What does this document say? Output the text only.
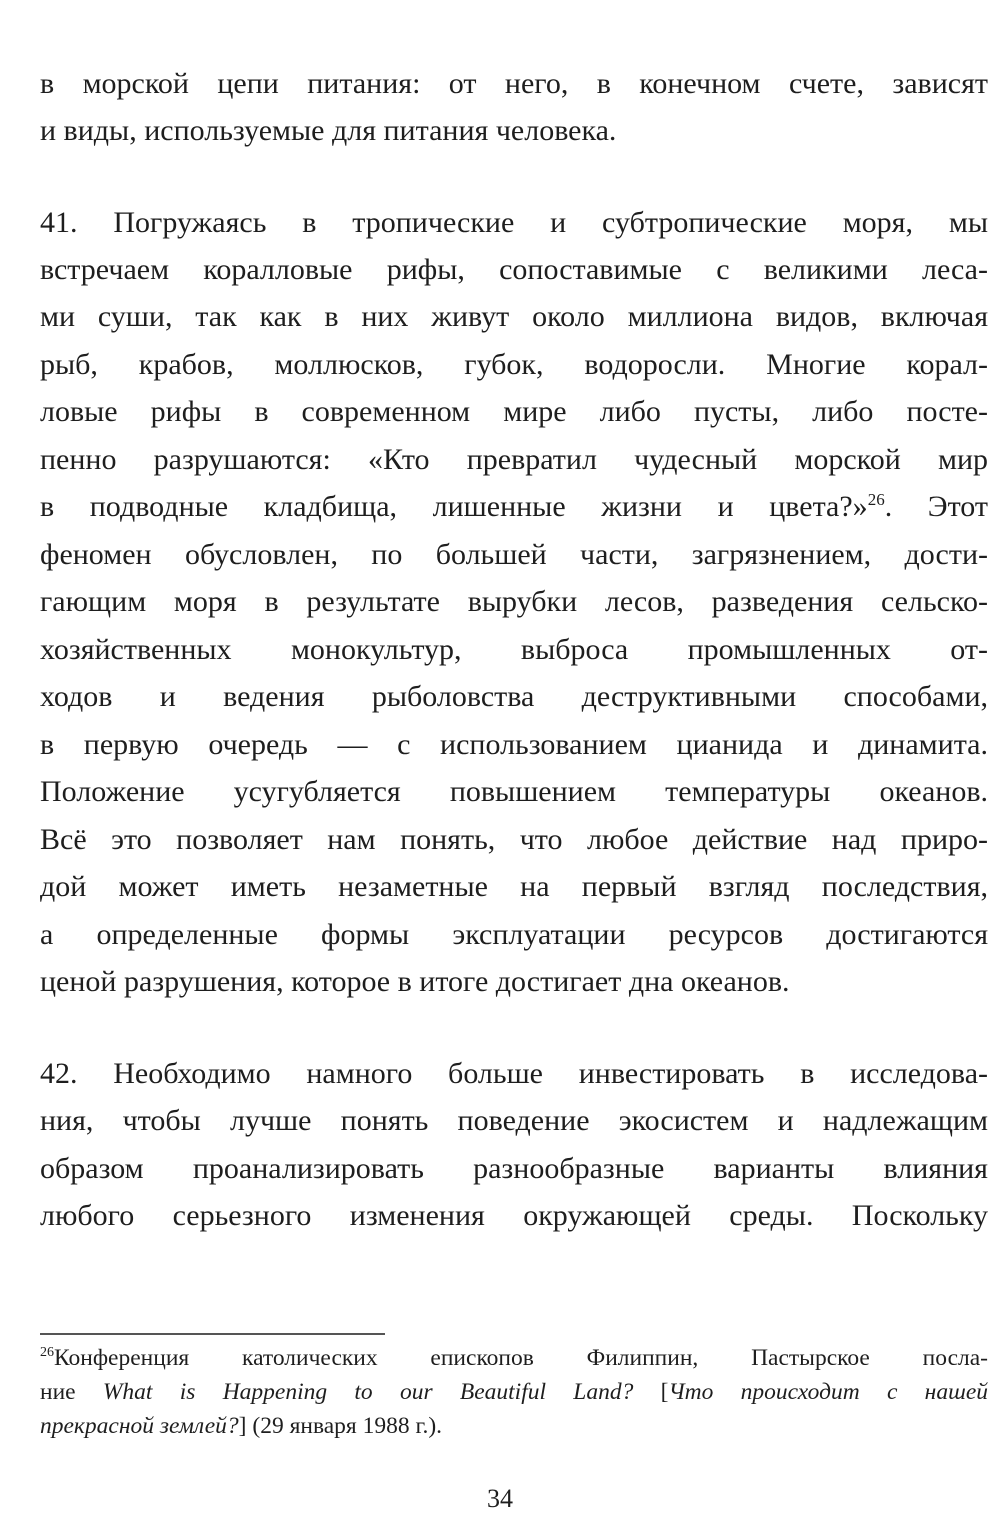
в морской цепи питания: от него, в конечном счете, зависят
и виды, используемые для питания человека.
41. Погружаясь в тропические и субтропические моря, мы
встречаем коралловые рифы, сопоставимые с великими леса-
ми суши, так как в них живут около миллиона видов, включая
рыб, крабов, моллюсков, губок, водоросли. Многие корал-
ловые рифы в современном мире либо пусты, либо посте-
пенно разрушаются: «Кто превратил чудесный морской мир
в подводные кладбища, лишенные жизни и цвета?»$^{26}$. Этот
феномен обусловлен, по большей части, загрязнением, дости-
гающим моря в результате вырубки лесов, разведения сельско-
хозяйственных монокультур, выброса промышленных от-
ходов и ведения рыболовства деструктивными способами,
в первую очередь — с использованием цианида и динамита.
Положение усугубляется повышением температуры океанов.
Всё это позволяет нам понять, что любое действие над приро-
дой может иметь незаметные на первый взгляд последствия,
а определенные формы эксплуатации ресурсов достигаются
ценой разрушения, которое в итоге достигает дна океанов.
42. Необходимо намного больше инвестировать в исследова-
ния, чтобы лучше понять поведение экосистем и надлежащим
образом проанализировать разнообразные варианты влияния
любого серьезного изменения окружающей среды. Поскольку
$^{26}$Конференция католических епископов Филиппин, Пастырское посла-
ние What is Happening to our Beautiful Land? [Что происходит с нашей
прекрасной землей?] (29 января 1988 г.).
34
